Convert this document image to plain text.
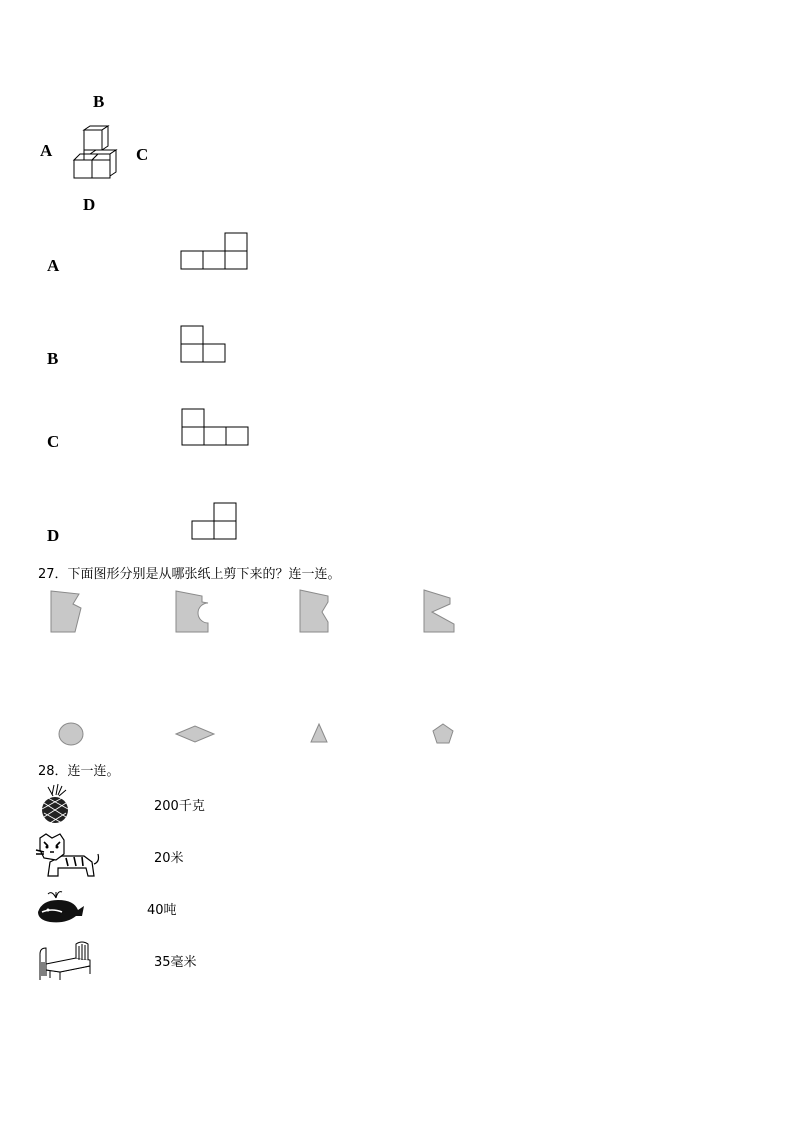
B
A	C
D
A
B
C
D
27．下面图形分别是从哪张纸上剪下来的？连一连。
28．连一连。
200千克
20米
40吨
35毫米
